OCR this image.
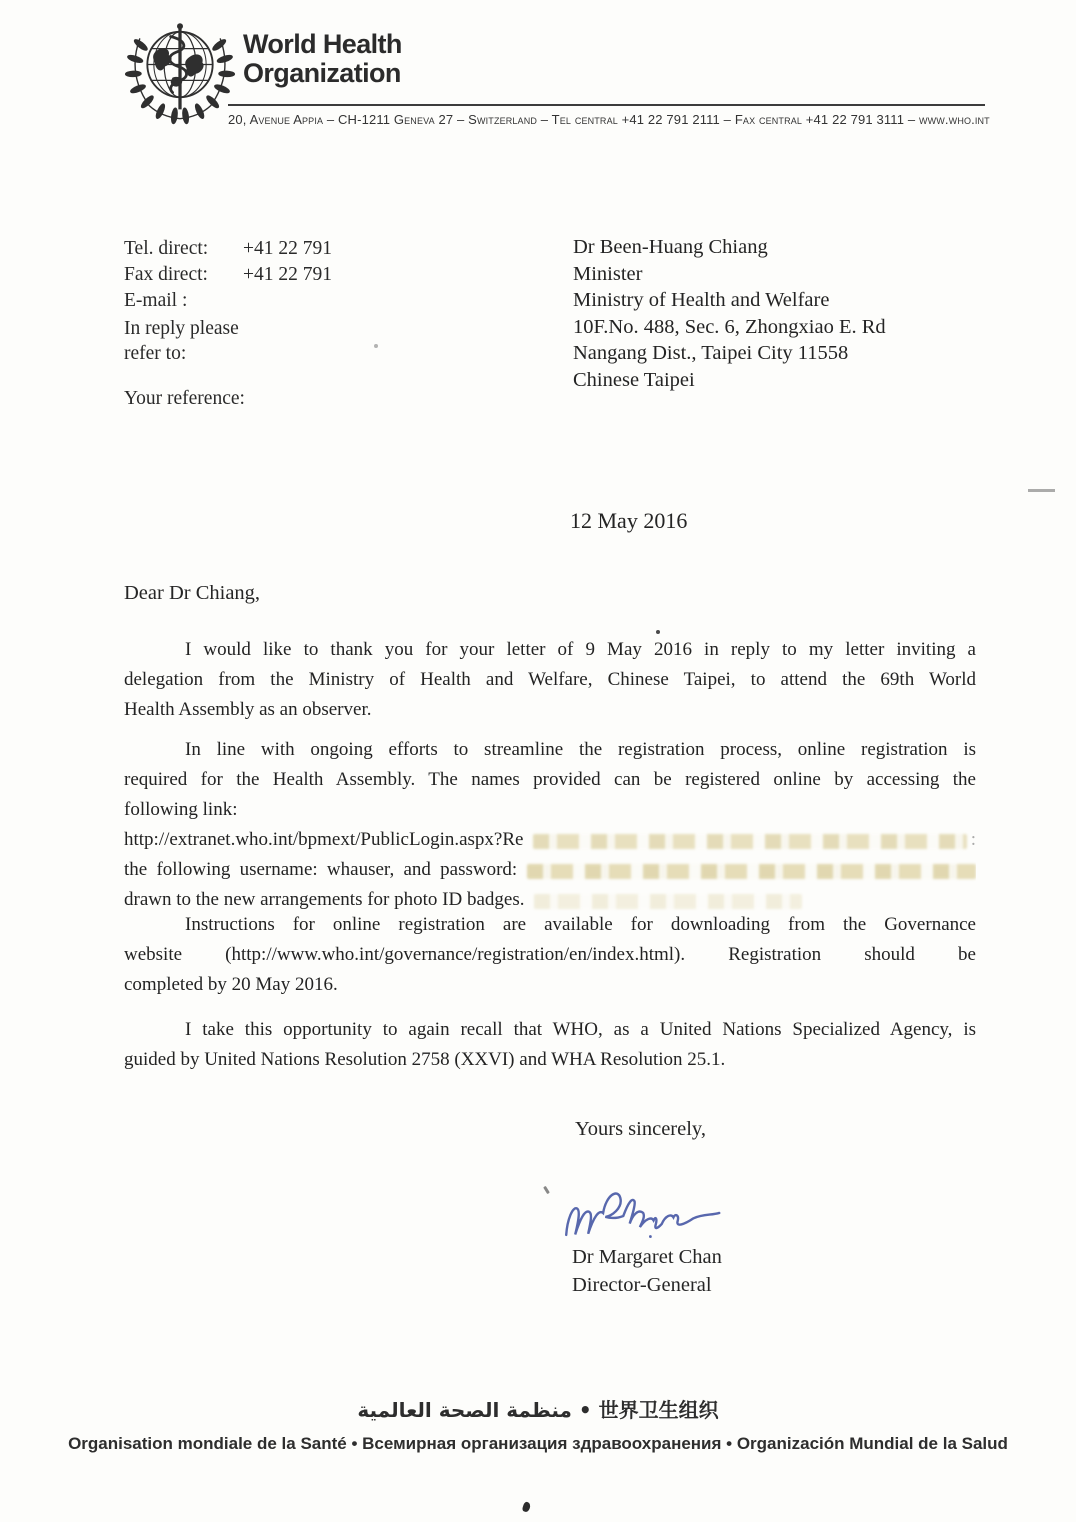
World Health
Organization
20, Avenue Appia – CH-1211 Geneva 27 – Switzerland – Tel central +41 22 791 2111 – Fax central +41 22 791 3111 – www.who.int
Tel. direct:	+41 22 791
Fax direct:	+41 22 791
E-mail :
In reply please
refer to:
Your reference:
Dr Been-Huang Chiang
Minister
Ministry of Health and Welfare
10F.No. 488, Sec. 6, Zhongxiao E. Rd
Nangang Dist., Taipei City 11558
Chinese Taipei
12 May 2016
Dear Dr Chiang,
I would like to thank you for your letter of 9 May 2016 in reply to my letter inviting a
delegation from the Ministry of Health and Welfare, Chinese Taipei, to attend the 69th World
Health Assembly as an observer.
In line with ongoing efforts to streamline the registration process, online registration is
required for the Health Assembly. The names provided can be registered online by accessing the
following link:
http://extranet.who.int/bpmext/PublicLogin.aspx?Re	:
the following username: whauser, and password:
drawn to the new arrangements for photo ID badges.
Instructions for online registration are available for downloading from the Governance
website (http://www.who.int/governance/registration/en/index.html). Registration should be
completed by 20 May 2016.
I take this opportunity to again recall that WHO, as a United Nations Specialized Agency, is
guided by United Nations Resolution 2758 (XXVI) and WHA Resolution 25.1.
Yours sincerely,
Dr Margaret Chan
Director-General
منظمة الصحة العالمية • 世界卫生组织
Organisation mondiale de la Santé • Всемирная организация здравоохранения • Organización Mundial de la Salud
